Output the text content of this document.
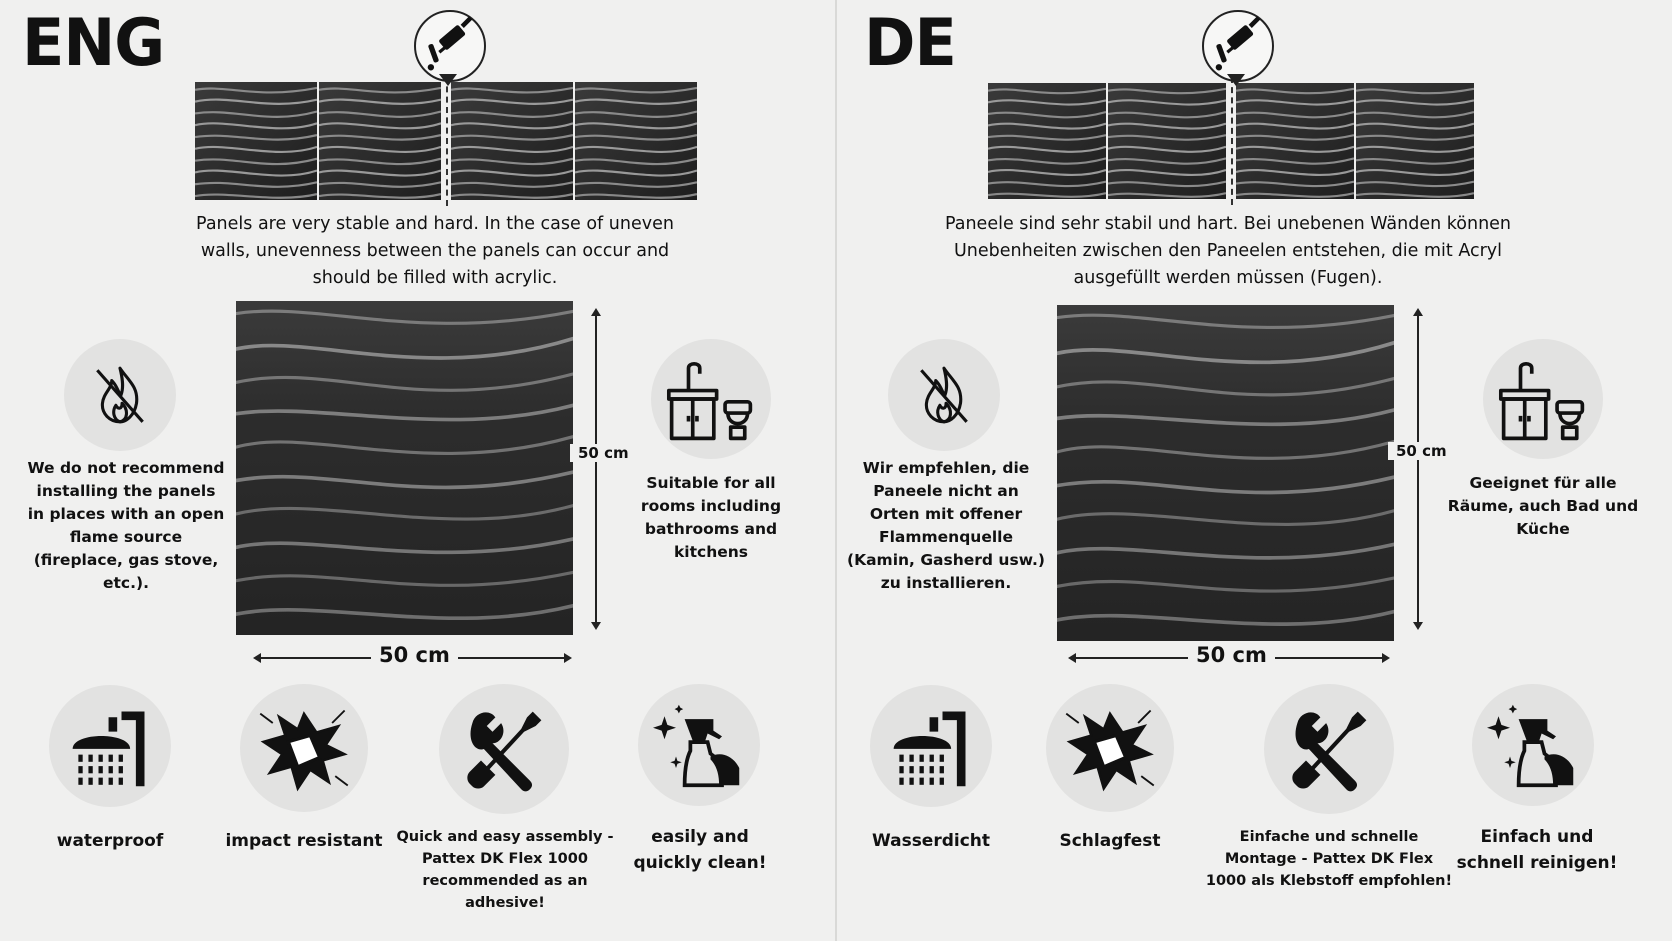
ENG
Panels are very stable and hard. In the case of uneven walls, unevenness between the panels can occur and should be filled with acrylic.
50 cm
50 cm
We do not recommend installing the panels in places with an open flame source (fireplace, gas stove, etc.).
Suitable for all rooms including bathrooms and kitchens
waterproof	impact resistant Quick and easy assembly - Pattex DK Flex 1000 recommended as an adhesive!
easily and quickly clean!
DE
Paneele sind sehr stabil und hart. Bei unebenen Wänden können Unebenheiten zwischen den Paneelen entstehen, die mit Acryl ausgefüllt werden müssen (Fugen).
50 cm
50 cm
Wir empfehlen, die Paneele nicht an Orten mit offener Flammenquelle (Kamin, Gasherd usw.) zu installieren.
Geeignet für alle Räume, auch Bad und Küche
Wasserdicht	Schlagfest	Einfache und schnelle Montage - Pattex DK Flex 1000 als Klebstoff empfohlen!
Einfach und schnell reinigen!
